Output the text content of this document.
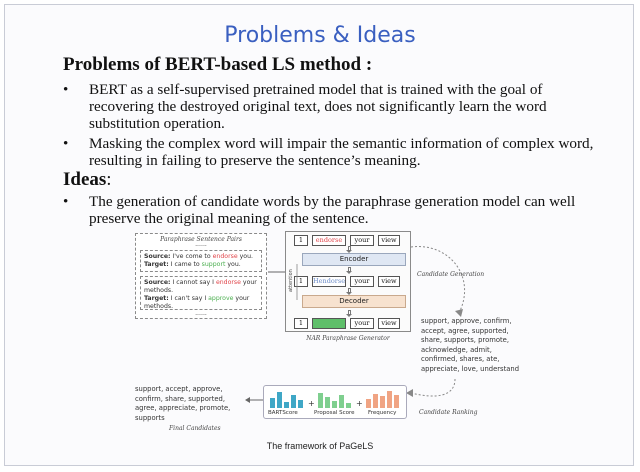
Problems & Ideas
Problems of BERT-based LS method :
• BERT as a self-supervised pretrained model that is trained with the goal of recovering the destroyed original text, does not significantly learn the word substitution operation.
• Masking the complex word will impair the semantic information of complex word, resulting in failing to preserve the sentence’s meaning.
Ideas:
• The generation of candidate words by the paraphrase generation model can well preserve the original meaning of the sentence.
Paraphrase Sentence Pairs
......
Source: I've come to endorse you.
Target: I came to support you.
Source: I cannot say I endorse your methods.
Target: I can't say I approve your methods.
......
1	endorse	your	view
Encoder
1	Hendorse	your	view
Decoder
1	your	view
attention
NAR Paraphrase Generator
Candidate Generation
support, approve, confirm, accept, agree, supported, share, supports, promote, acknowledge, admit, confirmed, shares, ate, appreciate, love, understand
Candidate Ranking
+	+
BARTScore	Proposal Score Frequency
support, accept, approve, confirm, share, supported, agree, appreciate, promote, supports
Final Candidates
The framework of PaGeLS
